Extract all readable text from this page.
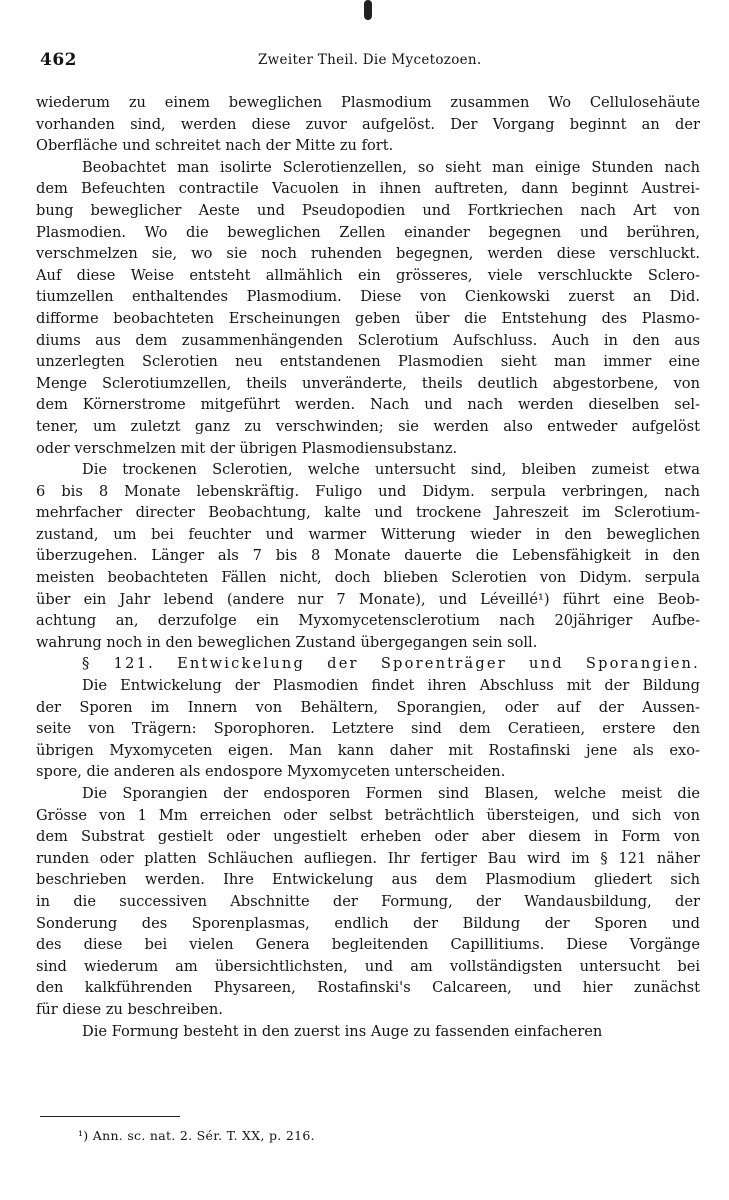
462	Zweiter Theil. Die Mycetozoen.

wiederum zu einem beweglichen Plasmodium zusammen Wo Cellulosehäute
vorhanden sind, werden diese zuvor aufgelöst. Der Vorgang beginnt an der
Oberfläche und schreitet nach der Mitte zu fort.

Beobachtet man isolirte Sclerotienzellen, so sieht man einige Stunden nach
dem Befeuchten contractile Vacuolen in ihnen auftreten, dann beginnt Austrei-
bung beweglicher Aeste und Pseudopodien und Fortkriechen nach Art von
Plasmodien. Wo die beweglichen Zellen einander begegnen und berühren,
verschmelzen sie, wo sie noch ruhenden begegnen, werden diese verschluckt.
Auf diese Weise entsteht allmählich ein grösseres, viele verschluckte Sclero-
tiumzellen enthaltendes Plasmodium. Diese von Cienkowski zuerst an Did.
difforme beobachteten Erscheinungen geben über die Entstehung des Plasmo-
diums aus dem zusammenhängenden Sclerotium Aufschluss. Auch in den aus
unzerlegten Sclerotien neu entstandenen Plasmodien sieht man immer eine
Menge Sclerotiumzellen, theils unveränderte, theils deutlich abgestorbene, von
dem Körnerstrome mitgeführt werden. Nach und nach werden dieselben sel-
tener, um zuletzt ganz zu verschwinden; sie werden also entweder aufgelöst
oder verschmelzen mit der übrigen Plasmodiensubstanz.

Die trockenen Sclerotien, welche untersucht sind, bleiben zumeist etwa
6 bis 8 Monate lebenskräftig. Fuligo und Didym. serpula verbringen, nach
mehrfacher directer Beobachtung, kalte und trockene Jahreszeit im Sclerotium-
zustand, um bei feuchter und warmer Witterung wieder in den beweglichen
überzugehen. Länger als 7 bis 8 Monate dauerte die Lebensfähigkeit in den
meisten beobachteten Fällen nicht, doch blieben Sclerotien von Didym. serpula
über ein Jahr lebend (andere nur 7 Monate), und Léveillé¹) führt eine Beob-
achtung an, derzufolge ein Myxomycetensclerotium nach 20jähriger Aufbe-
wahrung noch in den beweglichen Zustand übergegangen sein soll.

§ 121. Entwickelung der Sporenträger und Sporangien.

Die Entwickelung der Plasmodien findet ihren Abschluss mit der Bildung
der Sporen im Innern von Behältern, Sporangien, oder auf der Aussen-
seite von Trägern: Sporophoren. Letztere sind dem Ceratieen, erstere den
übrigen Myxomyceten eigen. Man kann daher mit Rostafinski jene als exo-
spore, die anderen als endospore Myxomyceten unterscheiden.

Die Sporangien der endosporen Formen sind Blasen, welche meist die
Grösse von 1 Mm erreichen oder selbst beträchtlich übersteigen, und sich von
dem Substrat gestielt oder ungestielt erheben oder aber diesem in Form von
runden oder platten Schläuchen aufliegen. Ihr fertiger Bau wird im § 121 näher
beschrieben werden. Ihre Entwickelung aus dem Plasmodium gliedert sich
in die successiven Abschnitte der Formung, der Wandausbildung, der
Sonderung des Sporenplasmas, endlich der Bildung der Sporen und
des diese bei vielen Genera begleitenden Capillitiums. Diese Vorgänge
sind wiederum am übersichtlichsten, und am vollständigsten untersucht bei
den kalkführenden Physareen, Rostafinski's Calcareen, und hier zunächst
für diese zu beschreiben.

Die Formung besteht in den zuerst ins Auge zu fassenden einfacheren

¹) Ann. sc. nat. 2. Sér. T. XX, p. 216.
